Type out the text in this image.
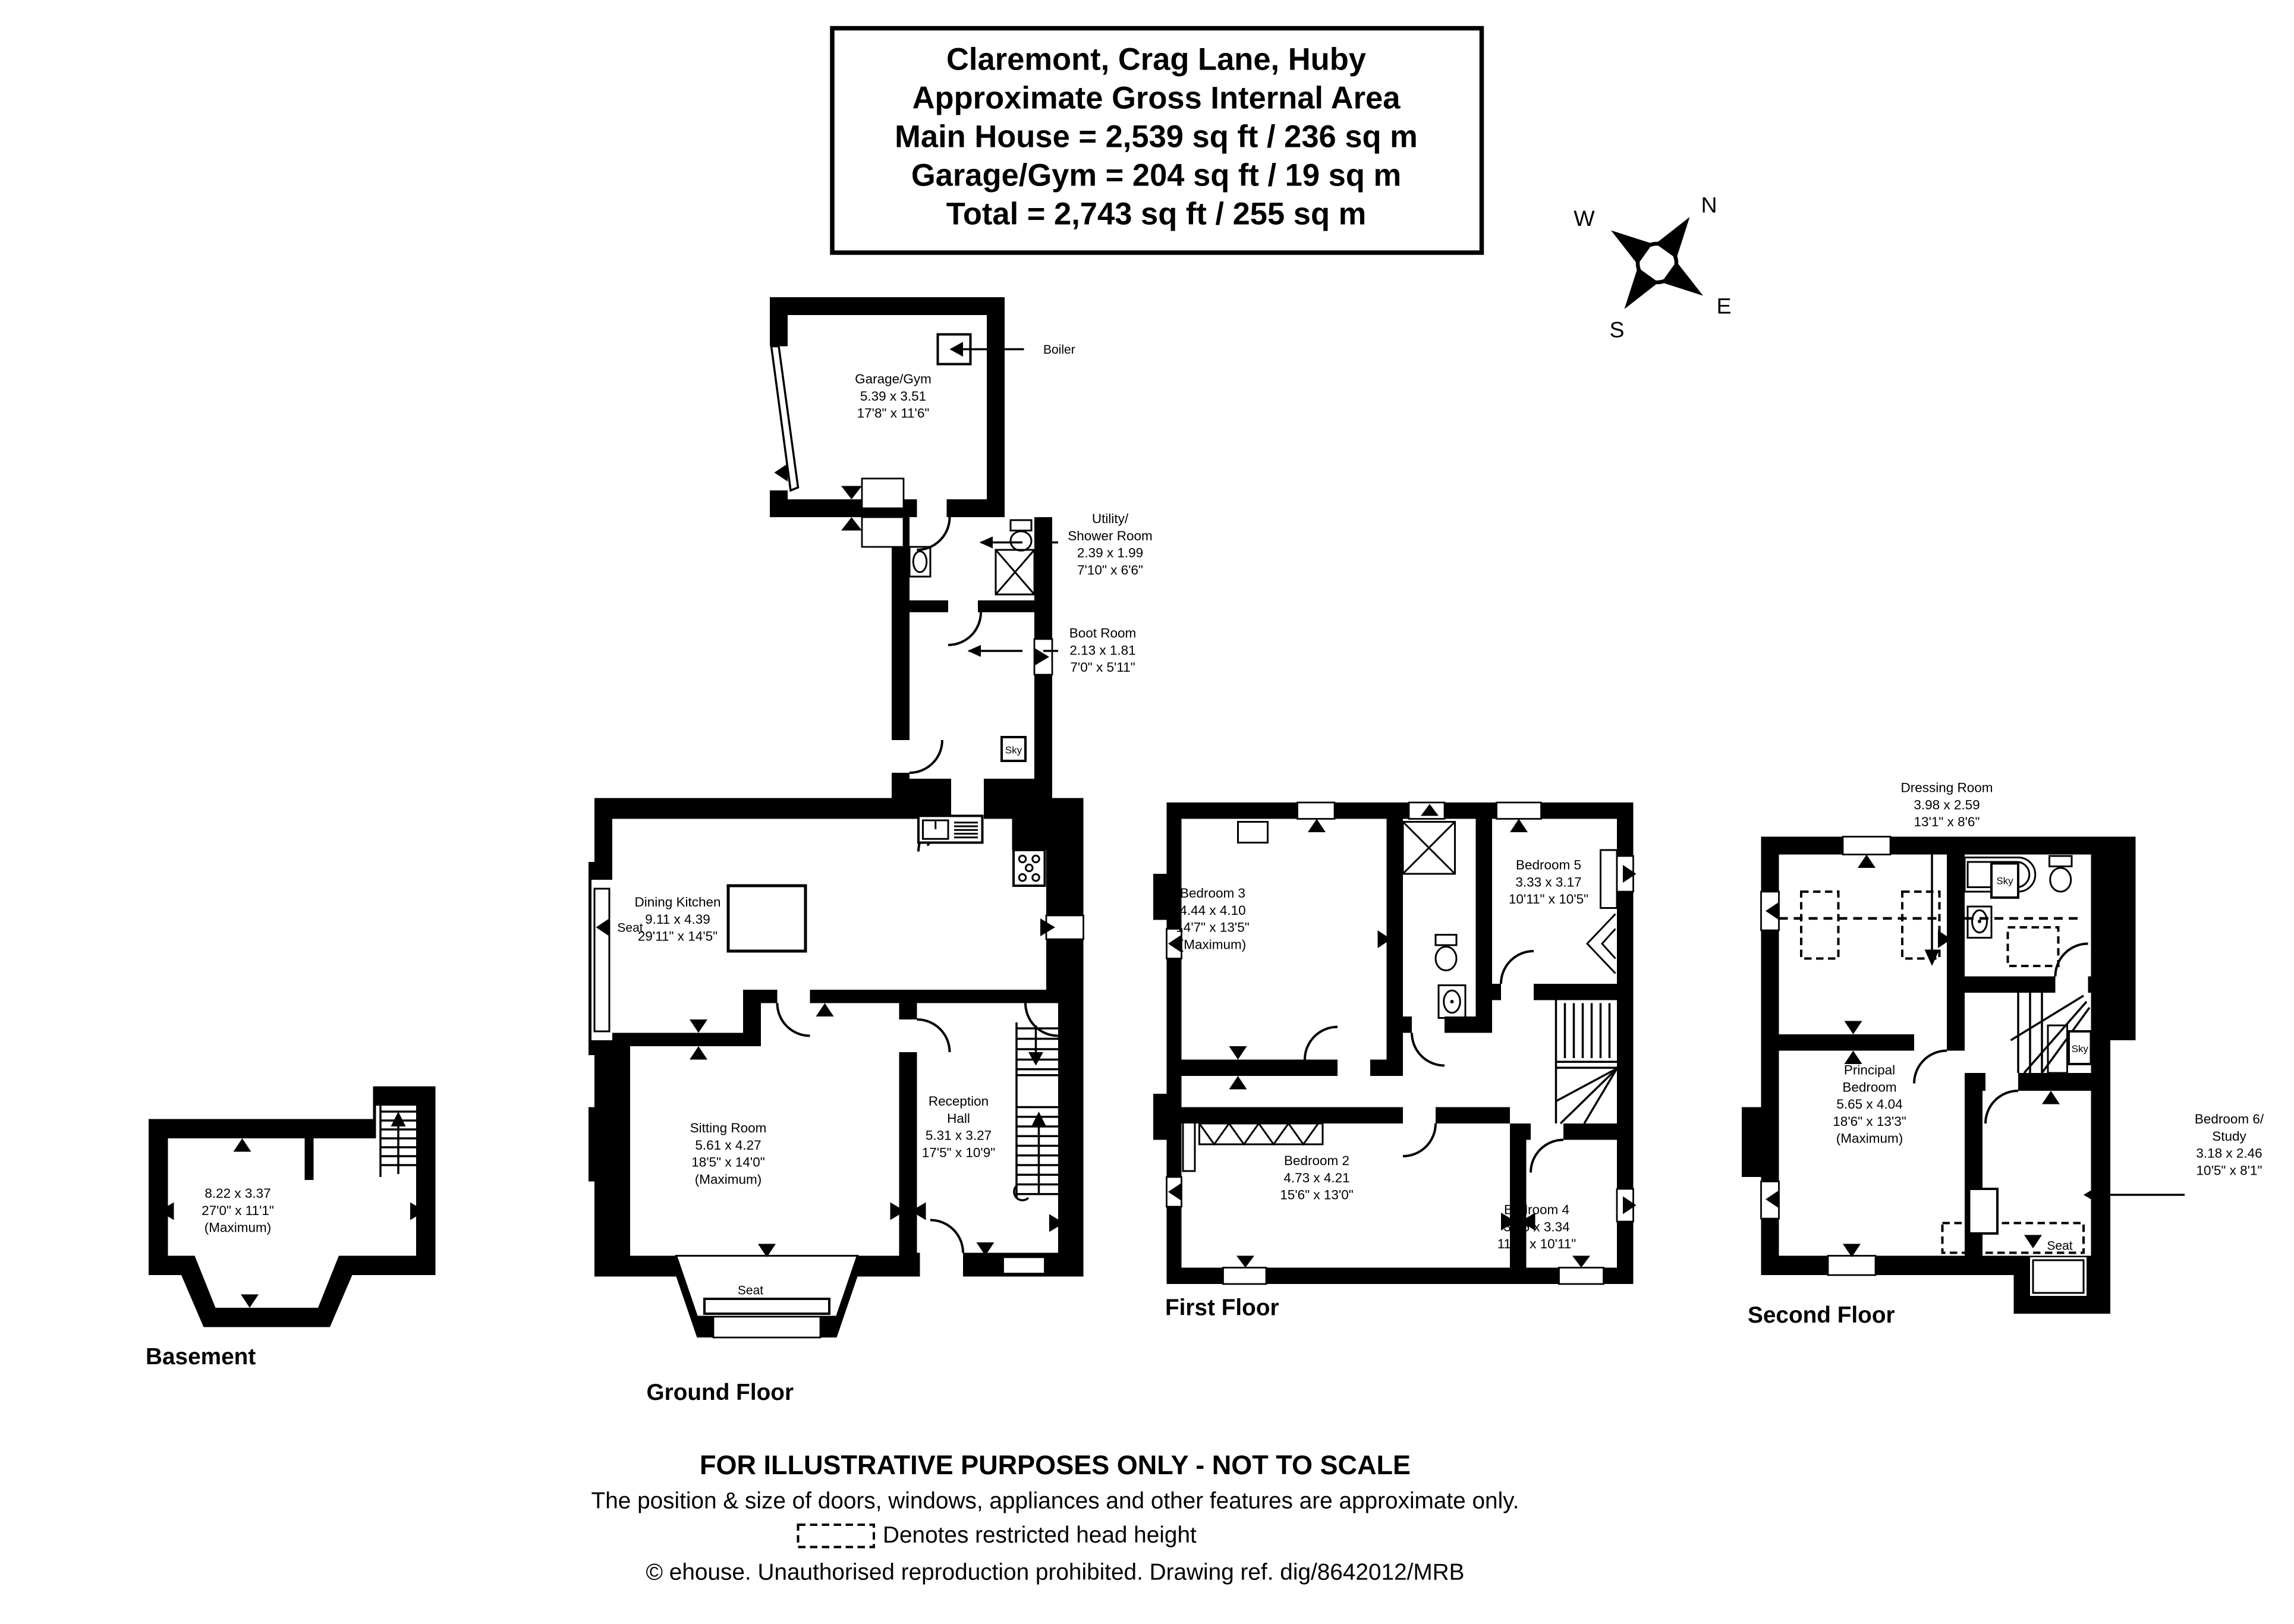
Claremont, Crag Lane, Huby
Approximate Gross Internal Area
Main House = 2,539 sq ft / 236 sq m
Garage/Gym = 204 sq ft / 19 sq m
Total = 2,743 sq ft / 255 sq m	N
E
S
W
8.22 x 3.37
27'0" x 11'1"
(Maximum)
Basement
Boiler
Garage/Gym
5.39 x 3.51
17'8" x 11'6"
Sky
Utility/
Shower Room
2.39 x 1.99
7'10" x 6'6"
Boot Room
2.13 x 1.81
7'0" x 5'11"
Seat
Seat
Dining Kitchen
9.11 x 4.39
29'11" x 14'5"
Sitting Room
5.61 x 4.27
18'5" x 14'0"
(Maximum)
Reception
Hall
5.31 x 3.27
17'5" x 10'9"
Ground Floor
Bedroom 3
4.44 x 4.10
14'7" x 13'5"
(Maximum)
Bedroom 5
3.33 x 3.17
10'11" x 10'5"
Bedroom 2
4.73 x 4.21
15'6" x 13'0"
Bedroom 4
3.36 x 3.34
11'0" x 10'11"
First Floor
Sky
Sky
Seat
Dressing Room
3.98 x 2.59
13'1" x 8'6"
Principal
Bedroom
5.65 x 4.04
18'6" x 13'3"
(Maximum)
Bedroom 6/
Study
3.18 x 2.46
10'5" x 8'1"
Second Floor
FOR ILLUSTRATIVE PURPOSES ONLY - NOT TO SCALE
The position & size of doors, windows, appliances and other features are approximate only.
Denotes restricted head height
© ehouse. Unauthorised reproduction prohibited. Drawing ref. dig/8642012/MRB
